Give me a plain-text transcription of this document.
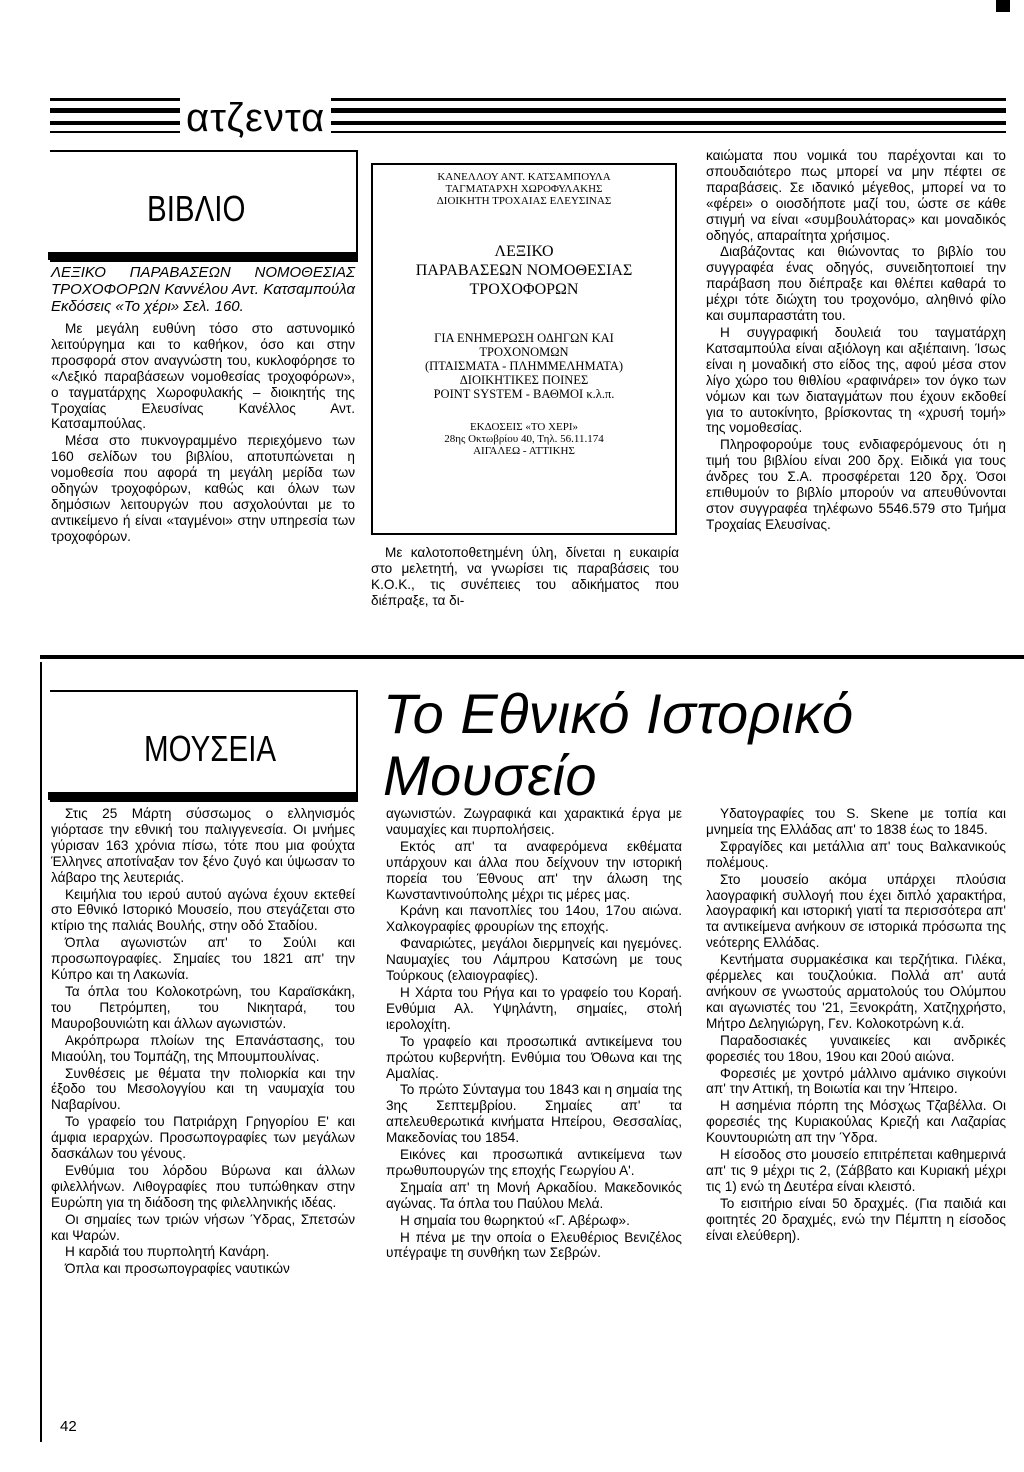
ατζεντα
ΒΙΒΛΙΟ

ΛΕΞΙΚΟ ΠΑΡΑΒΑΣΕΩΝ ΝΟΜΟΘΕΣΙΑΣ ΤΡΟΧΟΦΟΡΩΝ Καννέλου Αντ. Κατσαμπούλα Εκδόσεις «Το χέρι» Σελ. 160.

Με μεγάλη ευθύνη τόσο στο αστυνομικό λειτούργημα και το καθήκον, όσο και στην προσφορά στον αναγνώστη του, κυκλοφόρησε το «Λεξικό παραβάσεων νομοθεσίας τροχοφόρων», ο ταγματάρχης Χωροφυλακής – διοικητής της Τροχαίας Ελευσίνας Κανέλλος Αντ. Κατσαμπούλας.

Μέσα στο πυκνογραμμένο περιεχόμενο των 160 σελίδων του βιβλίου, αποτυπώνεται η νομοθεσία που αφορά τη μεγάλη μερίδα των οδηγών τροχοφόρων, καθώς και όλων των δημόσιων λειτουργών που ασχολούνται με το αντικείμενο ή είναι «ταγμένοι» στην υπηρεσία των τροχοφόρων.

ΚΑΝΕΛΛΟΥ ΑΝΤ. ΚΑΤΣΑΜΠΟΥΛΑ
ΤΑΓΜΑΤΑΡΧΗ ΧΩΡΟΦΥΛΑΚΗΣ
ΔΙΟΙΚΗΤΗ ΤΡΟΧΑΙΑΣ ΕΛΕΥΣΙΝΑΣ
ΛΕΞΙΚΟ
ΠΑΡΑΒΑΣΕΩΝ ΝΟΜΟΘΕΣΙΑΣ
ΤΡΟΧΟΦΟΡΩΝ
ΓΙΑ ΕΝΗΜΕΡΩΣΗ ΟΔΗΓΩΝ ΚΑΙ
ΤΡΟΧΟΝΟΜΩΝ
(ΠΤΑΙΣΜΑΤΑ - ΠΛΗΜΜΕΛΗΜΑΤΑ)
ΔΙΟΙΚΗΤΙΚΕΣ ΠΟΙΝΕΣ
POINT SYSTEM - ΒΑΘΜΟΙ κ.λ.π.
ΕΚΔΟΣΕΙΣ «ΤΟ ΧΕΡΙ»
28ης Οκτωβρίου 40, Τηλ. 56.11.174
ΑΙΓΑΛΕΩ - ΑΤΤΙΚΗΣ

Με καλοτοποθετημένη ύλη, δίνεται η ευκαιρία στο μελετητή, να γνωρίσει τις παραβάσεις του Κ.Ο.Κ., τις συνέπειες του αδικήματος που διέπραξε, τα δι-

καιώματα που νομικά του παρέχονται και το σπουδαιότερο πως μπορεί να μην πέφτει σε παραβάσεις. Σε ιδανικό μέγεθος, μπορεί να το «φέρει» ο οιοσδήποτε μαζί του, ώστε σε κάθε στιγμή να είναι «συμβουλάτορας» και μοναδικός οδηγός, απαραίτητα χρήσιμος.

Διαβάζοντας και θιώνοντας το βιβλίο του συγγραφέα ένας οδηγός, συνειδητοποιεί την παράβαση που διέπραξε και θλέπει καθαρά το μέχρι τότε διώχτη του τροχονόμο, αληθινό φίλο και συμπαραστάτη του.

Η συγγραφική δουλειά του ταγματάρχη Κατσαμπούλα είναι αξιόλογη και αξιέπαινη. Ίσως είναι η μοναδική στο είδος της, αφού μέσα στον λίγο χώρο του θιθλίου «ραφινάρει» τον όγκο των νόμων και των διαταγμάτων που έχουν εκδοθεί για το αυτοκίνητο, βρίσκοντας τη «χρυσή τομή» της νομοθεσίας.

Πληροφορούμε τους ενδιαφερόμενους ότι η τιμή του βιβλίου είναι 200 δρχ. Ειδικά για τους άνδρες του Σ.Α. προσφέρεται 120 δρχ. Όσοι επιθυμούν το βιβλίο μπορούν να απευθύνονται στον συγγραφέα τηλέφωνο 5546.579 στο Τμήμα Τροχαίας Ελευσίνας.

ΜΟΥΣΕΙΑ
Το Εθνικό Ιστορικό Μουσείο

Στις 25 Μάρτη σύσσωμος ο ελληνισμός γιόρτασε την εθνική του παλιγγενεσία. Οι μνήμες γύρισαν 163 χρόνια πίσω, τότε που μια φούχτα Έλληνες αποτίναξαν τον ξένο ζυγό και ύψωσαν το λάβαρο της λευτεριάς.

Κειμήλια του ιερού αυτού αγώνα έχουν εκτεθεί στο Εθνικό Ιστορικό Μουσείο, που στεγάζεται στο κτίριο της παλιάς Βουλής, στην οδό Σταδίου.

Όπλα αγωνιστών απ' το Σούλι και προσωπογραφίες. Σημαίες του 1821 απ' την Κύπρο και τη Λακωνία.

Τα όπλα του Κολοκοτρώνη, του Καραϊσκάκη, του Πετρόμπεη, του Νικηταρά, του Μαυροβουνιώτη και άλλων αγωνιστών.

Ακρόπρωρα πλοίων της Επανάστασης, του Μιαούλη, του Τομπάζη, της Μπουμπουλίνας.

Συνθέσεις με θέματα την πολιορκία και την έξοδο του Μεσολογγίου και τη ναυμαχία του Ναβαρίνου.

Το γραφείο του Πατριάρχη Γρηγορίου Ε' και άμφια ιεραρχών. Προσωπογραφίες των μεγάλων δασκάλων του γένους.

Ενθύμια του λόρδου Βύρωνα και άλλων φιλελλήνων. Λιθογραφίες που τυπώθηκαν στην Ευρώπη για τη διάδοση της φιλελληνικής ιδέας.

Οι σημαίες των τριών νήσων Ύδρας, Σπετσών και Ψαρών.

Η καρδιά του πυρπολητή Κανάρη.

Όπλα και προσωπογραφίες ναυτικών

αγωνιστών. Ζωγραφικά και χαρακτικά έργα με ναυμαχίες και πυρπολήσεις.

Εκτός απ' τα αναφερόμενα εκθέματα υπάρχουν και άλλα που δείχνουν την ιστορική πορεία του Έθνους απ' την άλωση της Κωνσταντινούπολης μέχρι τις μέρες μας.

Κράνη και πανοπλίες του 14ου, 17ου αιώνα. Χαλκογραφίες φρουρίων της εποχής.

Φαναριώτες, μεγάλοι διερμηνείς και ηγεμόνες. Ναυμαχίες του Λάμπρου Κατσώνη με τους Τούρκους (ελαιογραφίες).

Η Χάρτα του Ρήγα και το γραφείο του Κοραή. Ενθύμια Αλ. Υψηλάντη, σημαίες, στολή ιερολοχίτη.

Το γραφείο και προσωπικά αντικείμενα του πρώτου κυβερνήτη. Ενθύμια του Όθωνα και της Αμαλίας.

Το πρώτο Σύνταγμα του 1843 και η σημαία της 3ης Σεπτεμβρίου. Σημαίες απ' τα απελευθερωτικά κινήματα Ηπείρου, Θεσσαλίας, Μακεδονίας του 1854.

Εικόνες και προσωπικά αντικείμενα των πρωθυπουργών της εποχής Γεωργίου Α'.

Σημαία απ' τη Μονή Αρκαδίου. Μακεδονικός αγώνας. Τα όπλα του Παύλου Μελά.

Η σημαία του θωρηκτού «Γ. Αβέρωφ».

Η πένα με την οποία ο Ελευθέριος Βενιζέλος υπέγραψε τη συνθήκη των Σεβρών.

Υδατογραφίες του S. Skene με τοπία και μνημεία της Ελλάδας απ' το 1838 έως το 1845.

Σφραγίδες και μετάλλια απ' τους Βαλκανικούς πολέμους.

Στο μουσείο ακόμα υπάρχει πλούσια λαογραφική συλλογή που έχει διπλό χαρακτήρα, λαογραφική και ιστορική γιατί τα περισσότερα απ' τα αντικείμενα ανήκουν σε ιστορικά πρόσωπα της νεότερης Ελλάδας.

Κεντήματα συρμακέσικα και τερζήτικα. Γιλέκα, φέρμελες και τουζλούκια. Πολλά απ' αυτά ανήκουν σε γνωστούς αρματολούς του Ολύμπου και αγωνιστές του '21, Ξενοκράτη, Χατζηχρήστο, Μήτρο Δεληγιώργη, Γεν. Κολοκοτρώνη κ.ά.

Παραδοσιακές γυναικείες και ανδρικές φορεσιές του 18ου, 19ου και 20ού αιώνα.

Φορεσιές με χοντρό μάλλινο αμάνικο σιγκούνι απ' την Αττική, τη Βοιωτία και την Ήπειρο.

Η ασημένια πόρπη της Μόσχως Τζαβέλλα. Οι φορεσιές της Κυριακούλας Κριεζή και Λαζαρίας Κουντουριώτη απ την Ύδρα.

Η είσοδος στο μουσείο επιτρέπεται καθημερινά απ' τις 9 μέχρι τις 2, (Σάββατο και Κυριακή μέχρι τις 1) ενώ τη Δευτέρα είναι κλειστό.

Το εισιτήριο είναι 50 δραχμές. (Για παιδιά και φοιτητές 20 δραχμές, ενώ την Πέμπτη η είσοδος είναι ελεύθερη).

42
